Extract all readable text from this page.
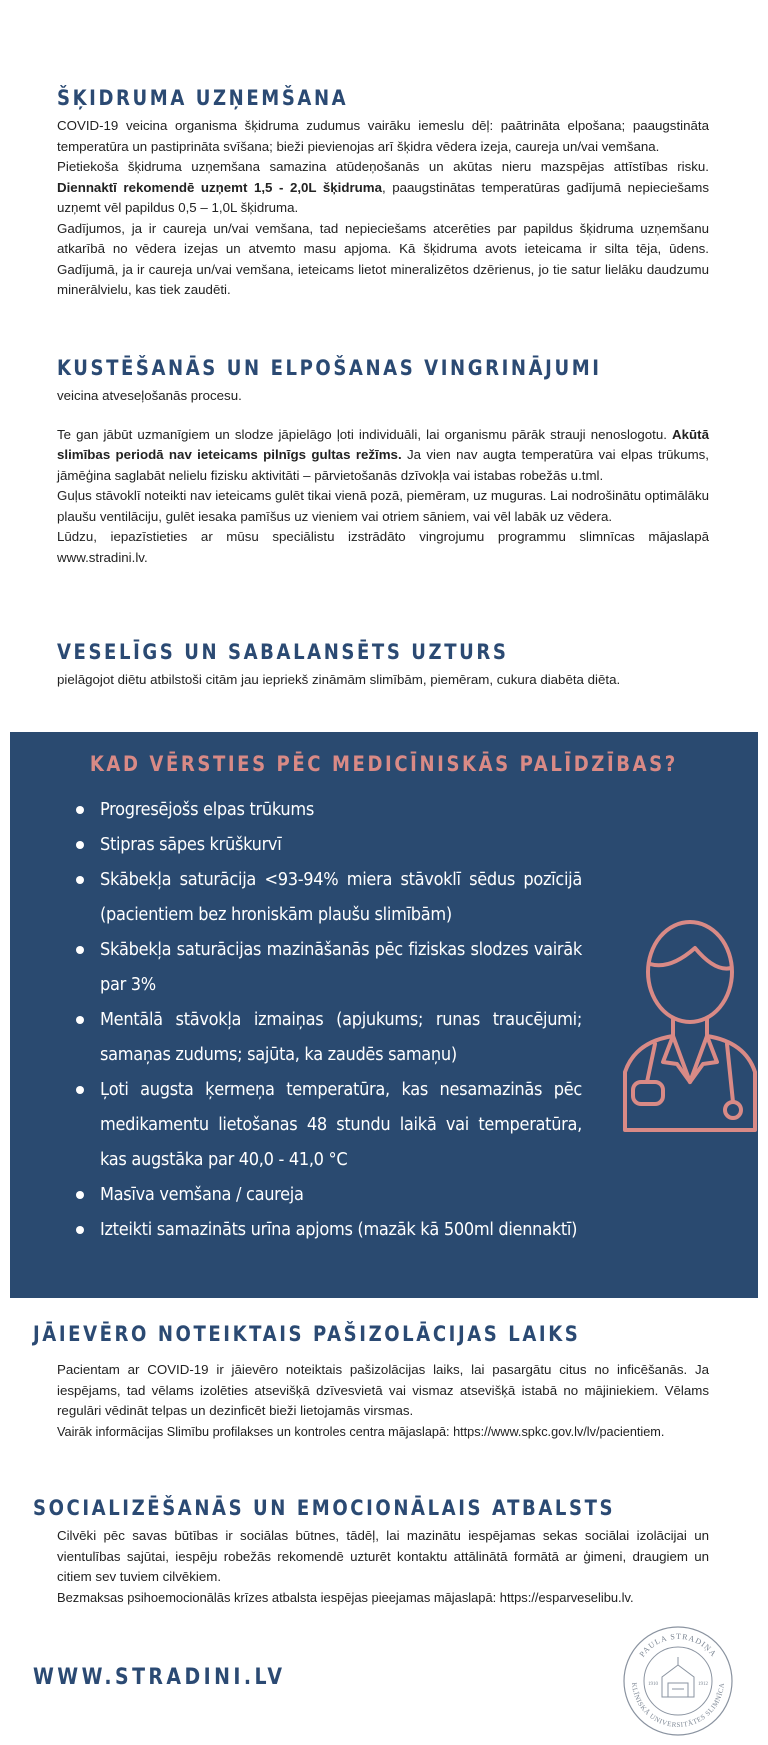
ŠĶIDRUMA UZŅEMŠANA

COVID-19 veicina organisma šķidruma zudumus vairāku iemeslu dēļ: paātrināta elpošana; paaugstināta temperatūra un pastiprināta svīšana; bieži pievienojas arī šķidra vēdera izeja, caureja un/vai vemšana.

Pietiekoša šķidruma uzņemšana samazina atūdeņošanās un akūtas nieru mazspējas attīstības risku. Diennaktī rekomendē uzņemt 1,5 - 2,0L šķidruma, paaugstinātas temperatūras gadījumā nepieciešams uzņemt vēl papildus 0,5 – 1,0L šķidruma.

Gadījumos, ja ir caureja un/vai vemšana, tad nepieciešams atcerēties par papildus šķidruma uzņemšanu atkarībā no vēdera izejas un atvemto masu apjoma. Kā šķidruma avots ieteicama ir silta tēja, ūdens. Gadījumā, ja ir caureja un/vai vemšana, ieteicams lietot mineralizētos dzērienus, jo tie satur lielāku daudzumu minerālvielu, kas tiek zaudēti.

KUSTĒŠANĀS UN ELPOŠANAS VINGRINĀJUMI

veicina atveseļošanās procesu.

Te gan jābūt uzmanīgiem un slodze jāpielāgo ļoti individuāli, lai organismu pārāk strauji nenoslogotu. Akūtā slimības periodā nav ieteicams pilnīgs gultas režīms. Ja vien nav augta temperatūra vai elpas trūkums, jāmēģina saglabāt nelielu fizisku aktivitāti – pārvietošanās dzīvokļa vai istabas robežās u.tml.

Guļus stāvoklī noteikti nav ieteicams gulēt tikai vienā pozā, piemēram, uz muguras. Lai nodrošinātu optimālāku plaušu ventilāciju, gulēt iesaka pamīšus uz vieniem vai otriem sāniem, vai vēl labāk uz vēdera.

Lūdzu, iepazīstieties ar mūsu speciālistu izstrādāto vingrojumu programmu slimnīcas mājaslapā www.stradini.lv.

VESELĪGS UN SABALANSĒTS UZTURS

pielāgojot diētu atbilstoši citām jau iepriekš zināmām slimībām, piemēram, cukura diabēta diēta.

KAD VĒRSTIES PĒC MEDICĪNISKĀS PALĪDZĪBAS?
Progresējošs elpas trūkums
Stipras sāpes krūškurvī
Skābekļa saturācija <93-94% miera stāvoklī sēdus pozīcijā (pacientiem bez hroniskām plaušu slimībām)
Skābekļa saturācijas mazināšanās pēc fiziskas slodzes vairāk par 3%
Mentālā stāvokļa izmaiņas (apjukums; runas traucējumi; samaņas zudums; sajūta, ka zaudēs samaņu)
Ļoti augsta ķermeņa temperatūra, kas nesamazinās pēc medikamentu lietošanas 48 stundu laikā vai temperatūra, kas augstāka par 40,0 - 41,0 °C
Masīva vemšana / caureja
Izteikti samazināts urīna apjoms (mazāk kā 500ml diennaktī)
JĀIEVĒRO NOTEIKTAIS PAŠIZOLĀCIJAS LAIKS

Pacientam ar COVID-19 ir jāievēro noteiktais pašizolācijas laiks, lai pasargātu citus no inficēšanās. Ja iespējams, tad vēlams izolēties atsevišķā dzīvesvietā vai vismaz atsevišķā istabā no mājiniekiem. Vēlams regulāri vēdināt telpas un dezinficēt bieži lietojamās virsmas.

Vairāk informācijas Slimību profilakses un kontroles centra mājaslapā: https://www.spkc.gov.lv/lv/pacientiem.

SOCIALIZĒŠANĀS UN EMOCIONĀLAIS ATBALSTS

Cilvēki pēc savas būtības ir sociālas būtnes, tādēļ, lai mazinātu iespējamas sekas sociālai izolācijai un vientulības sajūtai, iespēju robežās rekomendē uzturēt kontaktu attālinātā formātā ar ģimeni, draugiem un citiem sev tuviem cilvēkiem.

Bezmaksas psihoemocionālās krīzes atbalsta iespējas pieejamas mājaslapā: https://esparveselibu.lv.

WWW.STRADINI.LV
PAULA STRADIŅA
KLĪNISKĀ UNIVERSITĀTES SLIMNĪCA
1910	1912
